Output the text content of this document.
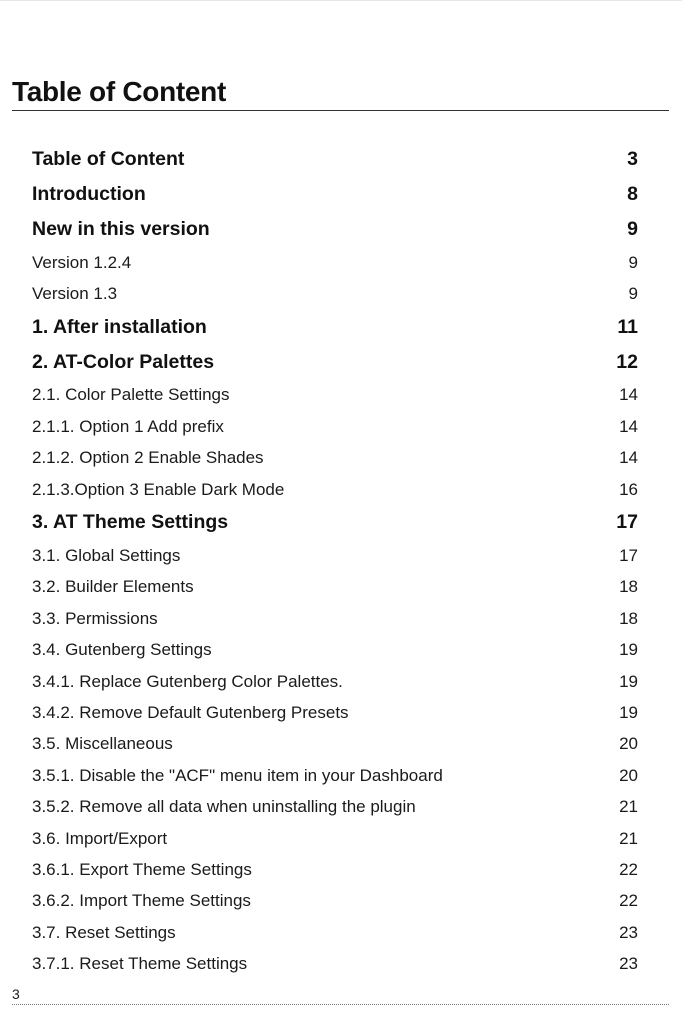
Table of Content
Table of Content	3
Introduction	8
New in this version	9
Version 1.2.4	9
Version 1.3	9
1. After installation	11
2. AT-Color Palettes	12
2.1. Color Palette Settings	14
2.1.1. Option 1 Add prefix	14
2.1.2. Option 2 Enable Shades	14
2.1.3.Option 3 Enable Dark Mode	16
3. AT Theme Settings	17
3.1. Global Settings	17
3.2. Builder Elements	18
3.3. Permissions	18
3.4. Gutenberg Settings	19
3.4.1. Replace Gutenberg Color Palettes.	19
3.4.2. Remove Default Gutenberg Presets	19
3.5. Miscellaneous	20
3.5.1. Disable the "ACF" menu item in your Dashboard	20
3.5.2. Remove all data when uninstalling the plugin	21
3.6. Import/Export	21
3.6.1. Export Theme Settings	22
3.6.2. Import Theme Settings	22
3.7. Reset Settings	23
3.7.1. Reset Theme Settings	23
3
